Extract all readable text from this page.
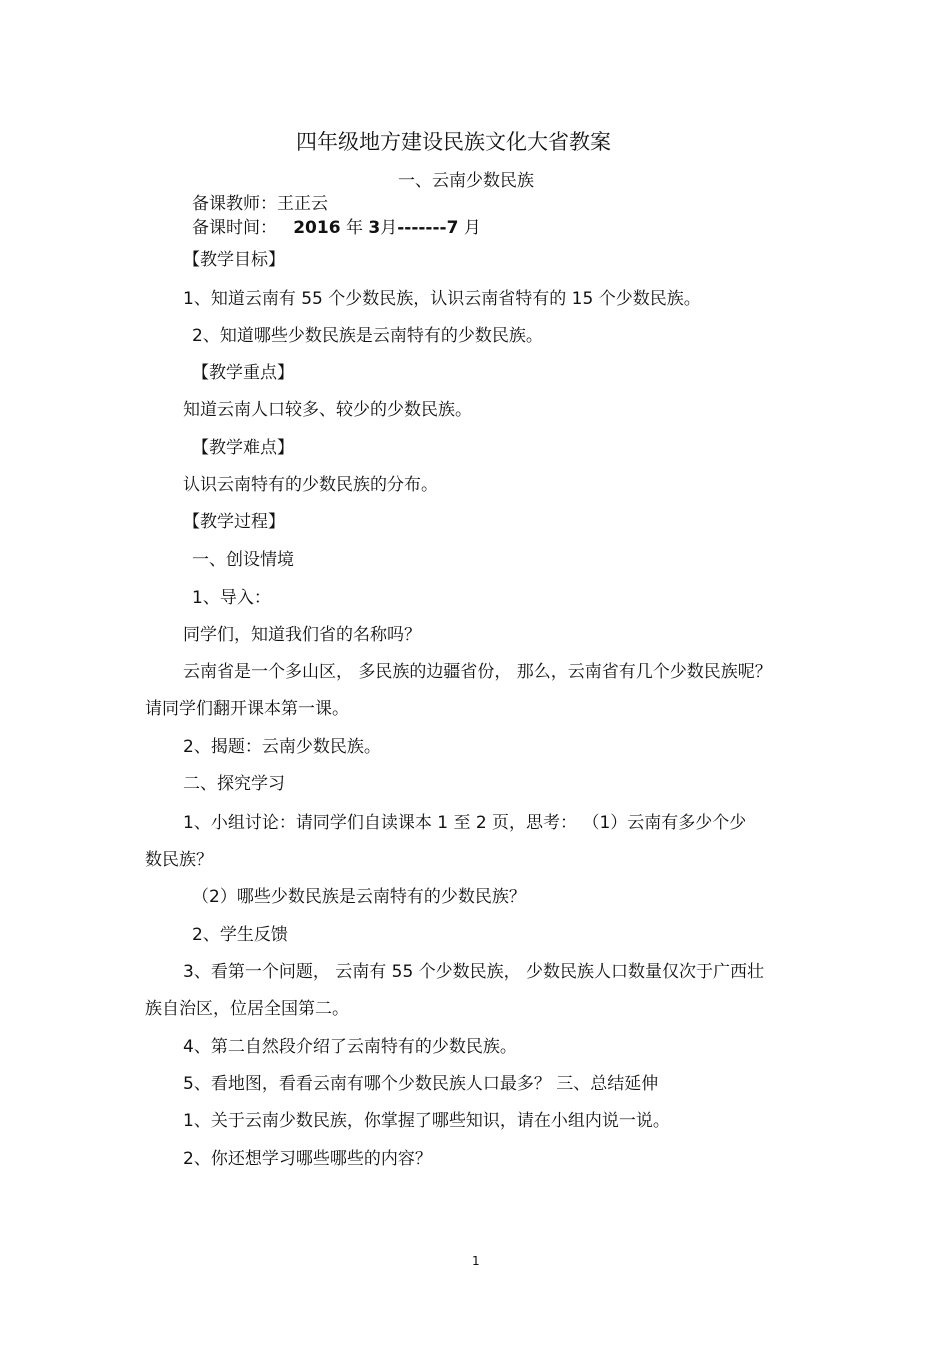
四年级地方建设民族文化大省教案
一、云南少数民族
备课教师：王正云
备课时间： 2016 年 3月-------7 月
【教学目标】
1、知道云南有 55 个少数民族，认识云南省特有的 15 个少数民族。
2、知道哪些少数民族是云南特有的少数民族。
【教学重点】
知道云南人口较多、较少的少数民族。
【教学难点】
认识云南特有的少数民族的分布。
【教学过程】
一、创设情境
1、导入：
同学们，知道我们省的名称吗？
云南省是一个多山区， 多民族的边疆省份， 那么，云南省有几个少数民族呢？
请同学们翻开课本第一课。
2、揭题：云南少数民族。
二、探究学习
1、小组讨论：请同学们自读课本 1 至 2 页，思考： （1）云南有多少个少
数民族？
（2）哪些少数民族是云南特有的少数民族？
2、学生反馈
3、看第一个问题， 云南有 55 个少数民族， 少数民族人口数量仅次于广西壮
族自治区，位居全国第二。
4、第二自然段介绍了云南特有的少数民族。
5、看地图，看看云南有哪个少数民族人口最多？ 三、总结延伸
1、关于云南少数民族，你掌握了哪些知识，请在小组内说一说。
2、你还想学习哪些哪些的内容？
1
